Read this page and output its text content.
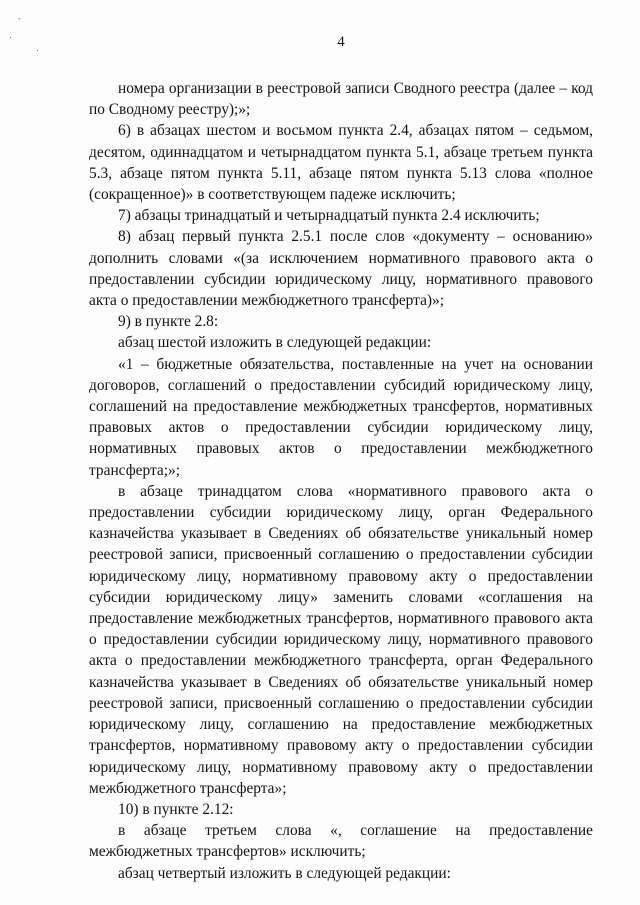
`
·
·	4

номера организации в реестровой записи Сводного реестра (далее – код по Сводному реестру);»;

6) в абзацах шестом и восьмом пункта 2.4, абзацах пятом – седьмом, десятом, одиннадцатом и четырнадцатом пункта 5.1, абзаце третьем пункта 5.3, абзаце пятом пункта 5.11, абзаце пятом пункта 5.13 слова «полное (сокращенное)» в соответствующем падеже исключить;

7) абзацы тринадцатый и четырнадцатый пункта 2.4 исключить;

8) абзац первый пункта 2.5.1 после слов «документу – основанию» дополнить словами «(за исключением нормативного правового акта о предоставлении субсидии юридическому лицу, нормативного правового акта о предоставлении межбюджетного трансферта)»;

9) в пункте 2.8:

абзац шестой изложить в следующей редакции:

«1 – бюджетные обязательства, поставленные на учет на основании договоров, соглашений о предоставлении субсидий юридическому лицу, соглашений на предоставление межбюджетных трансфертов, нормативных правовых актов о предоставлении субсидии юридическому лицу, нормативных правовых актов о предоставлении межбюджетного трансферта;»;

в абзаце тринадцатом слова «нормативного правового акта о предоставлении субсидии юридическому лицу, орган Федерального казначейства указывает в Сведениях об обязательстве уникальный номер реестровой записи, присвоенный соглашению о предоставлении субсидии юридическому лицу, нормативному правовому акту о предоставлении субсидии юридическому лицу» заменить словами «соглашения на предоставление межбюджетных трансфертов, нормативного правового акта о предоставлении субсидии юридическому лицу, нормативного правового акта о предоставлении межбюджетного трансферта, орган Федерального казначейства указывает в Сведениях об обязательстве уникальный номер реестровой записи, присвоенный соглашению о предоставлении субсидии юридическому лицу, соглашению на предоставление межбюджетных трансфертов, нормативному правовому акту о предоставлении субсидии юридическому лицу, нормативному правовому акту о предоставлении межбюджетного трансферта»;

10) в пункте 2.12:

в абзаце третьем слова «, соглашение на предоставление межбюджетных трансфертов» исключить;

абзац четвертый изложить в следующей редакции:
